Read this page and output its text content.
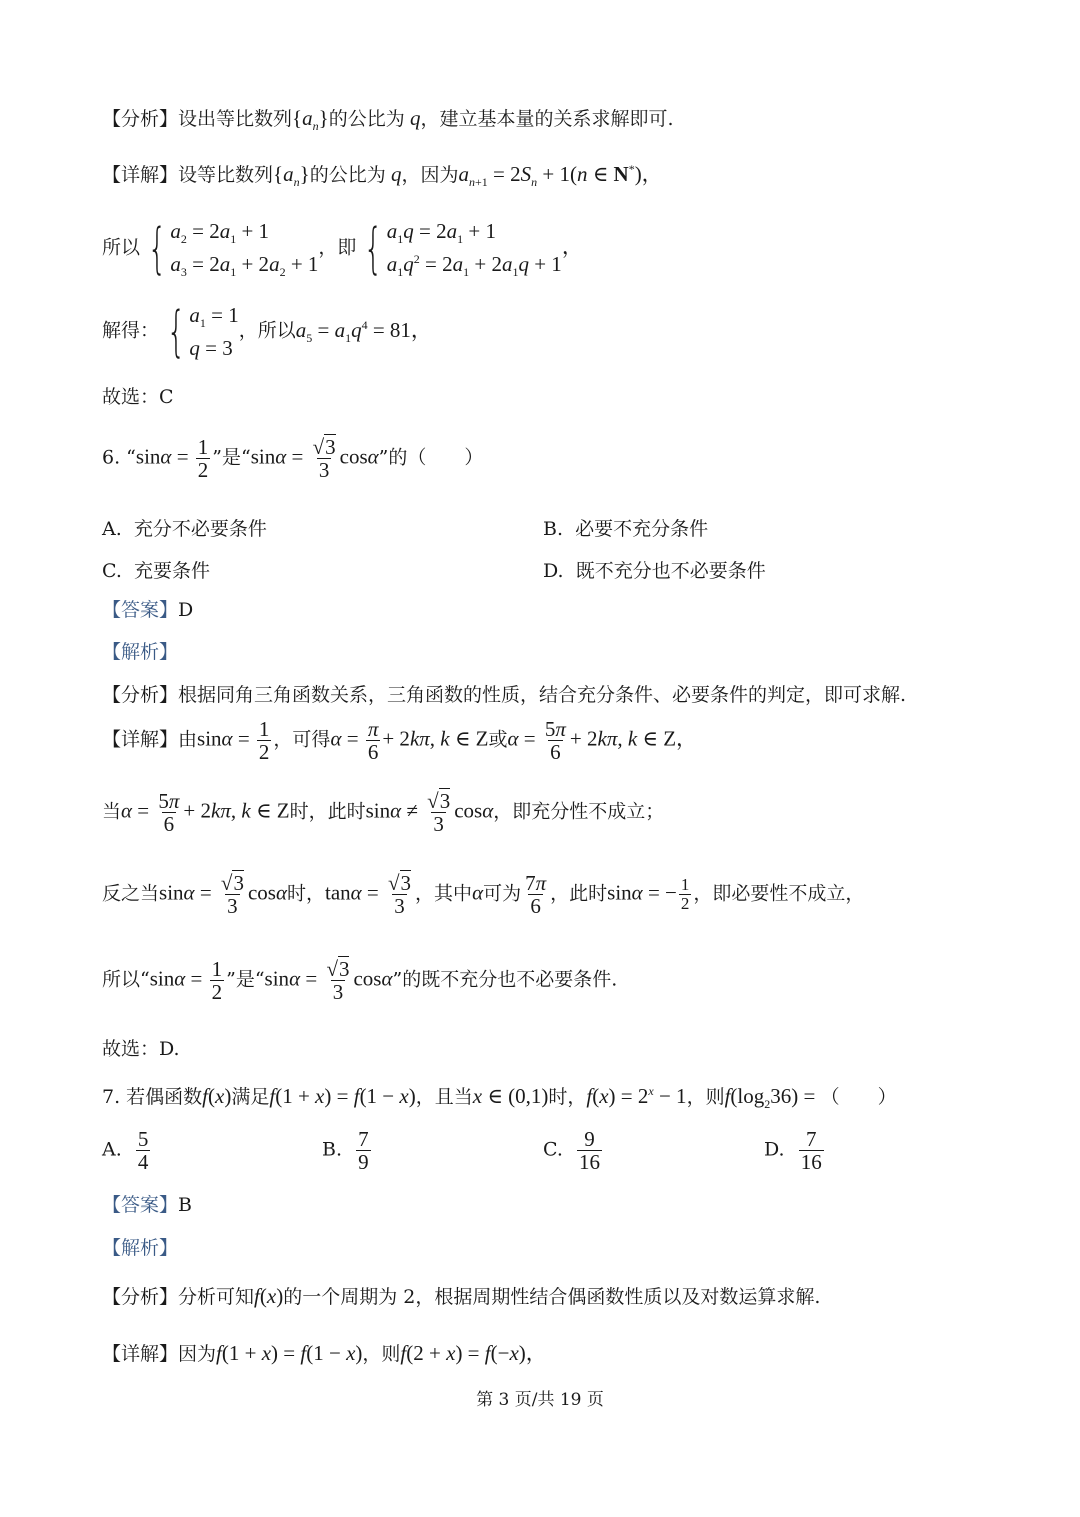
【分析】设出等比数列$\{a_n\}$的公比为 q，建立基本量的关系求解即可.
【详解】设等比数列$\{a_n\}$的公比为 q，因为$a_{n+1} = 2S_n + 1(n$ ∈ N*)，
所以 { $a_2 = 2a_1 + 1$
$a_3 = 2a_1 + 2a_2 + 1$
，即 { $a_1q = 2a_1 + 1$
$a_1q^2 = 2a_1 + 2a_1q + 1$
，
解得： { $a_1 = 1$
q = 3
，所以$a_5 = a_1q^4 = 81$，
故选：C
6. “$\sin\alpha = \frac{1}{2}$ ”是“$\sin\alpha = \frac{√3}{3} \cos\alpha$”的（　　）
A. 充分不必要条件	B. 必要不充分条件
C. 充要条件	D. 既不充分也不必要条件
【答案】D
【解析】
【分析】根据同角三角函数关系，三角函数的性质，结合充分条件、必要条件的判定，即可求解.
【详解】由$\sin\alpha = \frac{1}{2}$ ，可得$\alpha = \frac{\pi}{6} + 2k\pi$, k ∈ Z或$\alpha = \frac{5\pi}{6} + 2k\pi$, k ∈ Z，
当$\alpha = \frac{5\pi}{6} + 2k\pi$, k ∈ Z时，此时$\sin\alpha \ne \frac{√3}{3}$ cosα，即充分性不成立；
反之当$\sin\alpha = \frac{√3}{3}$ cosα时，$\tan\alpha = \frac{√3}{3}$ ，其中α可为 $\frac{7\pi}{6}$ ，此时sinα = − $\frac{1}{2}$ ，即必要性不成立，
所以“$\sin\alpha = \frac{1}{2}$ ”是“$\sin\alpha = \frac{√3}{3} \cos\alpha$”的既不充分也不必要条件.
故选：D.
7. 若偶函数f(x)满足f(1 + x) = f(1 − x)，且当x ∈ (0,1)时，$f(x) = 2^x - 1$，则$f(\log_236)$ = （　　）
A. $\frac{5}{4}$	B. $\frac{7}{9}$	C. $\frac{9}{16}$	D. $\frac{7}{16}$
【答案】B
【解析】
【分析】分析可知f(x)的一个周期为 2，根据周期性结合偶函数性质以及对数运算求解.
【详解】因为f(1 + x) = f(1 − x)，则f(2 + x) = f(−x)，
第 3 页/共 19 页
